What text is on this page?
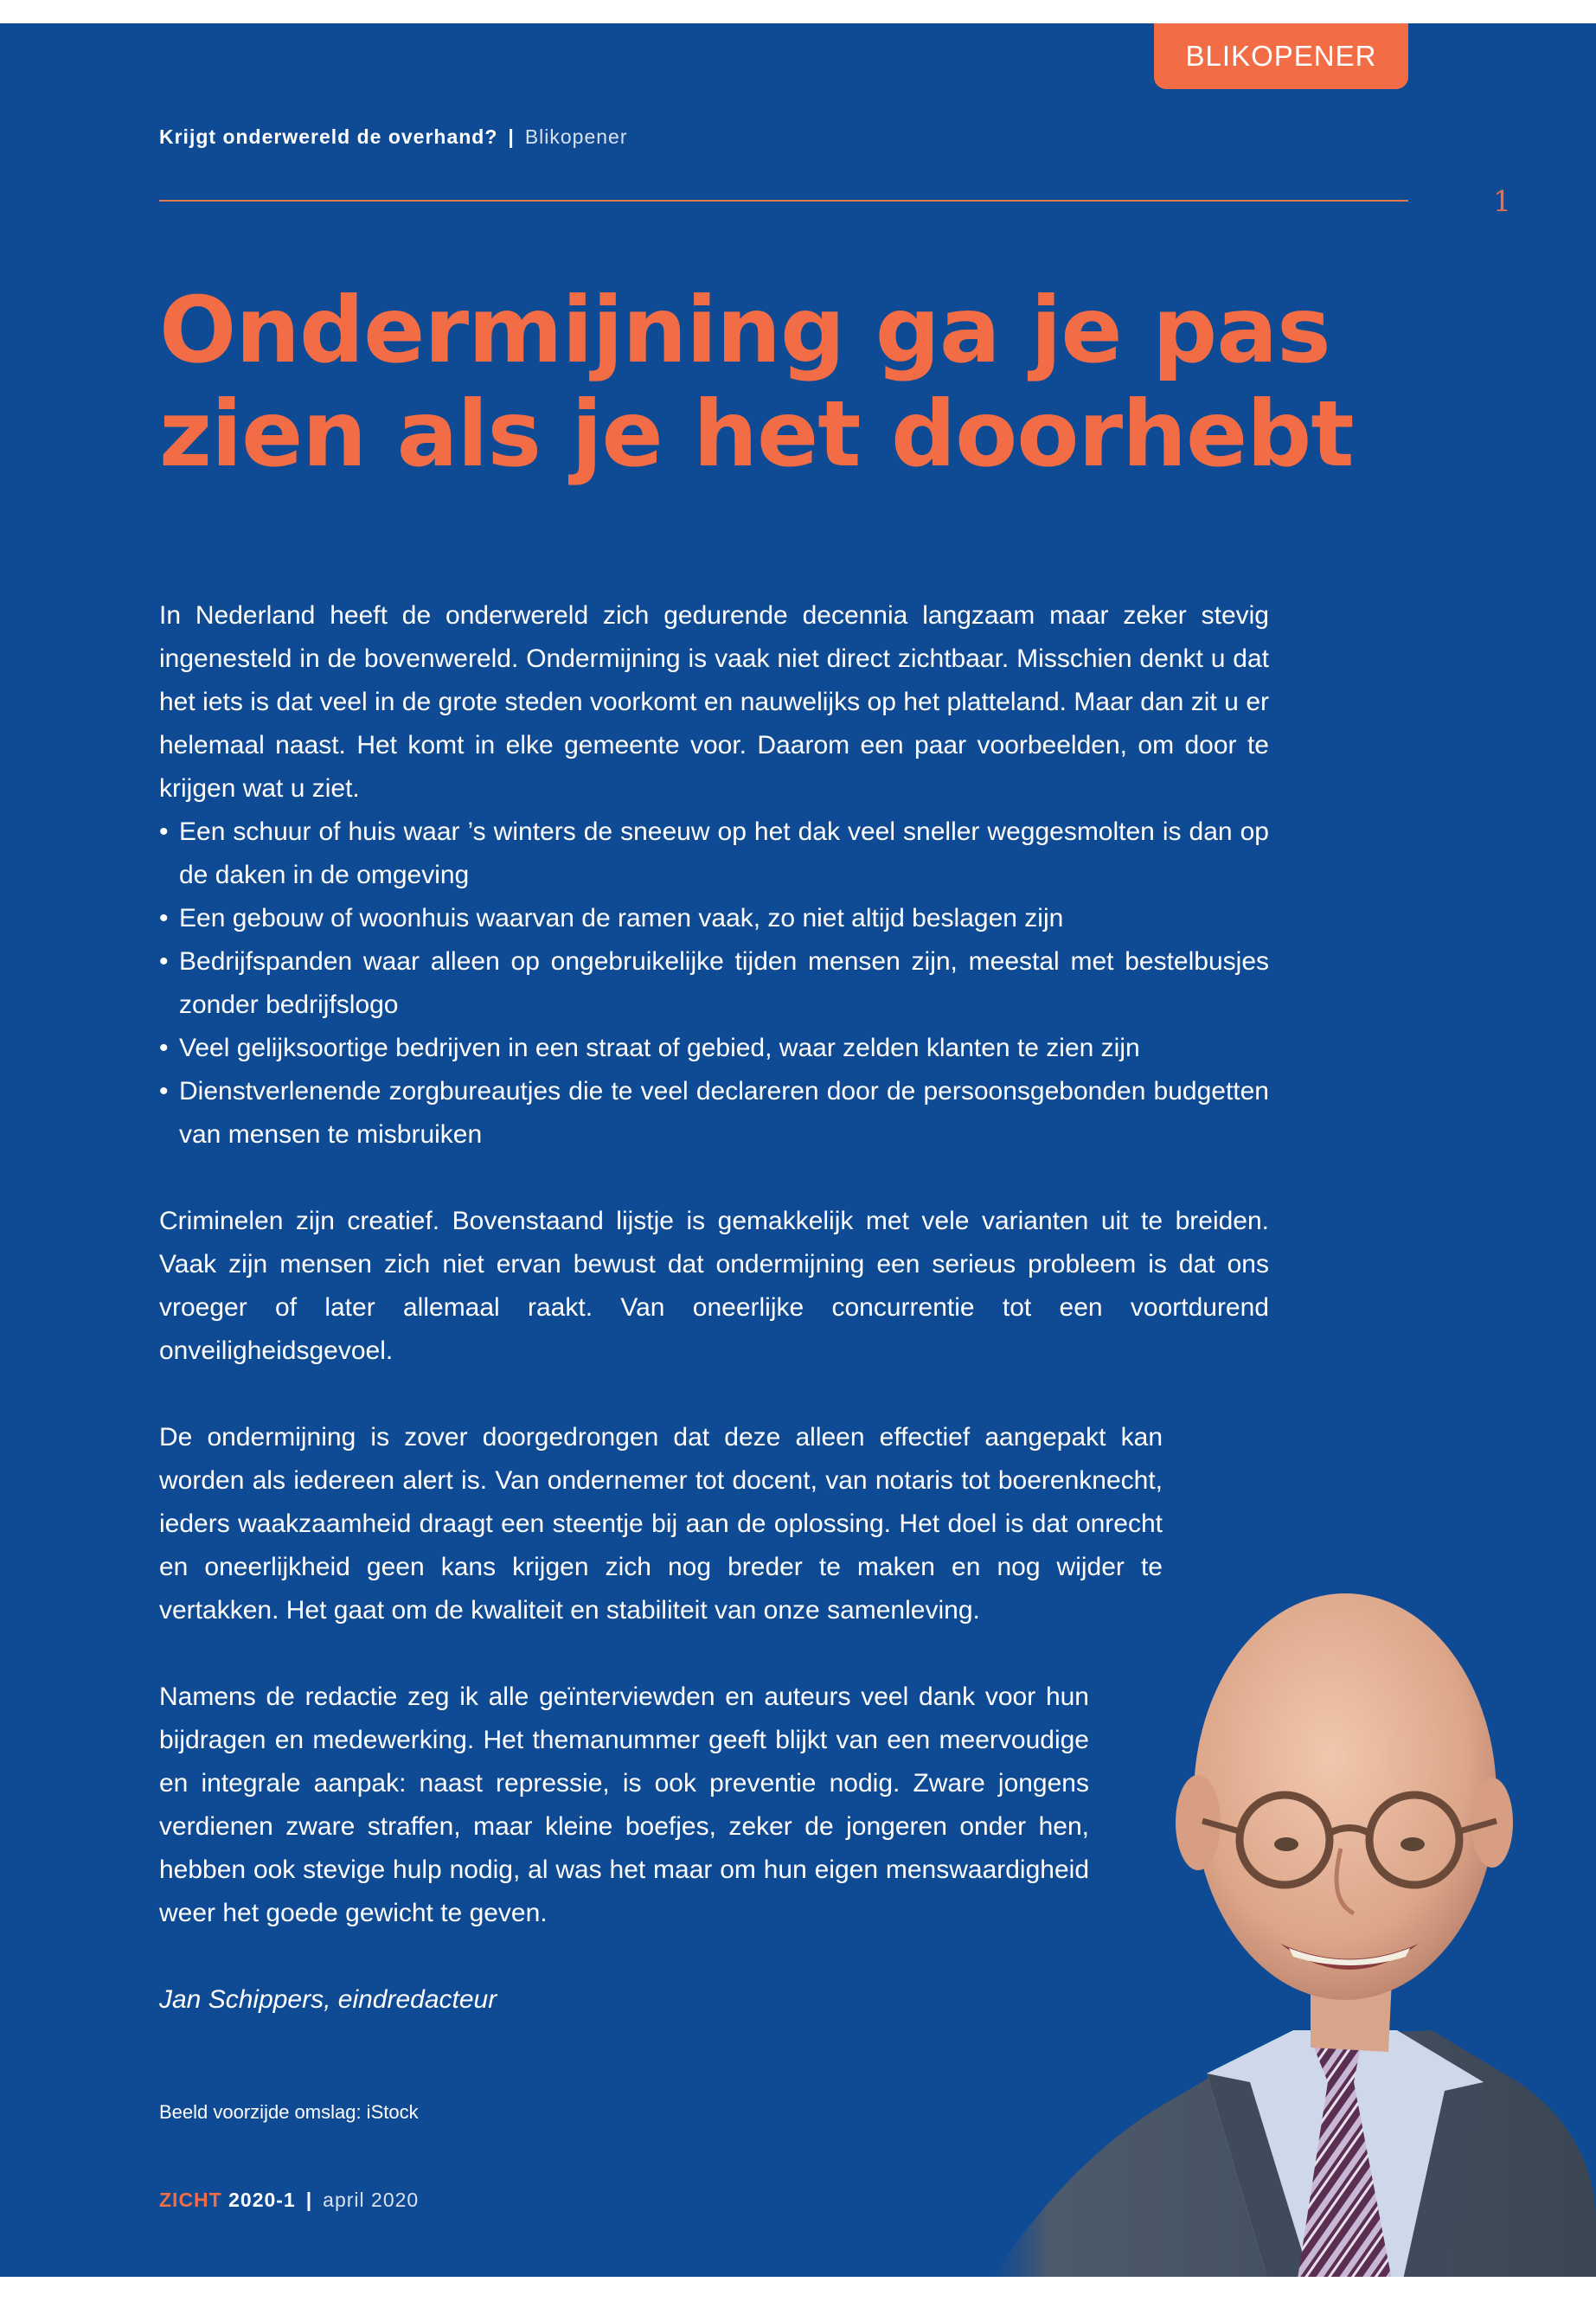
BLIKOPENER
Krijgt onderwereld de overhand? | Blikopener
1
Ondermijning ga je pas zien als je het doorhebt

In Nederland heeft de onderwereld zich gedurende decennia langzaam maar zeker stevig ingenesteld in de bovenwereld. Ondermijning is vaak niet direct zichtbaar. Misschien denkt u dat het iets is dat veel in de grote steden voorkomt en nauwelijks op het platteland. Maar dan zit u er helemaal naast. Het komt in elke gemeente voor. Daarom een paar voorbeelden, om door te krijgen wat u ziet.

• Een schuur of huis waar ’s winters de sneeuw op het dak veel sneller weggesmolten is dan op de daken in de omgeving
• Een gebouw of woonhuis waarvan de ramen vaak, zo niet altijd beslagen zijn
• Bedrijfspanden waar alleen op ongebruikelijke tijden mensen zijn, meestal met bestelbusjes zonder bedrijfslogo
• Veel gelijksoortige bedrijven in een straat of gebied, waar zelden klanten te zien zijn
• Dienstverlenende zorgbureautjes die te veel declareren door de persoonsgebonden budgetten van mensen te misbruiken

Criminelen zijn creatief. Bovenstaand lijstje is gemakkelijk met vele varianten uit te breiden. Vaak zijn mensen zich niet ervan bewust dat ondermijning een serieus probleem is dat ons vroeger of later allemaal raakt. Van oneerlijke concurrentie tot een voortdurend onveiligheidsgevoel.

De ondermijning is zover doorgedrongen dat deze alleen effectief aangepakt kan worden als iedereen alert is. Van ondernemer tot docent, van notaris tot boerenknecht, ieders waakzaamheid draagt een steentje bij aan de oplossing. Het doel is dat onrecht en oneerlijkheid geen kans krijgen zich nog breder te maken en nog wijder te vertakken. Het gaat om de kwaliteit en stabiliteit van onze samenleving.

Namens de redactie zeg ik alle geïnterviewden en auteurs veel dank voor hun bijdragen en medewerking. Het themanummer geeft blijkt van een meervoudige en integrale aanpak: naast repressie, is ook preventie nodig. Zware jongens verdienen zware straffen, maar kleine boefjes, zeker de jongeren onder hen, hebben ook stevige hulp nodig, al was het maar om hun eigen menswaardigheid weer het goede gewicht te geven.

Jan Schippers, eindredacteur

Beeld voorzijde omslag: iStock
ZICHT 2020-1 | april 2020
